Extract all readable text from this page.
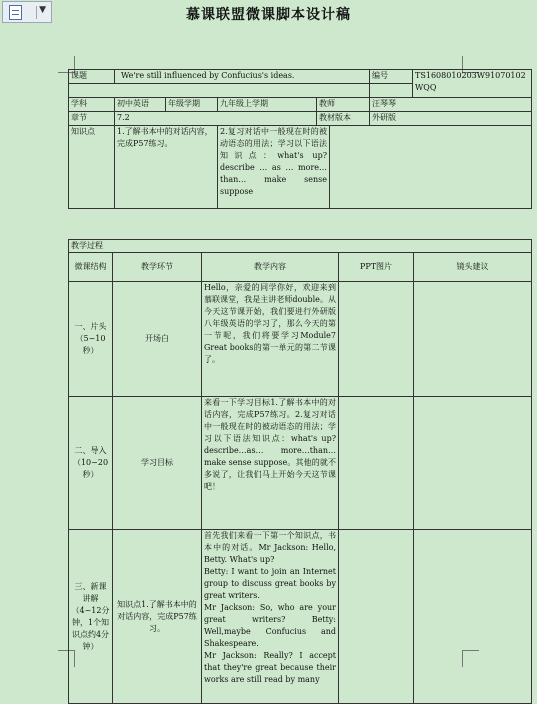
▼	慕课联盟微课脚本设计稿
课题	We're still influenced by Confucius's ideas.					编号	TS1608010203W91070102WQQ

学科	初中英语	年级学期	九年级上学期	教师		汪琴琴	
章节	7.2			教材版本		外研版	
知识点	1.了解书本中的对话内容，完成P57练习。		2.复习对话中一般现在时的被动语态的用法；学习以下语法知识点：what's up? describe … as … more…than… make sense suppose				
教学过程				
微课结构	教学环节	教学内容	PPT图片	镜头建议
一、片头（5~10秒）	开场白	Hello，亲爱的同学你好，欢迎来到慕联课堂，我是主讲老师double。从今天这节课开始，我们要进行外研版八年级英语的学习了，那么今天的第一节呢，我们将要学习Module7 Great books的第一单元的第二节课了。		
二、导入（10~20秒）	学习目标	来看一下学习目标1.了解书本中的对话内容，完成P57练习。2.复习对话中一般现在时的被动语态的用法；学习以下语法知识点：what's up? describe…as… more…than…make sense suppose。其他的就不多说了，让我们马上开始今天这节课吧！		
三、新课讲解（4~12分钟，1个知识点约4分钟）	知识点1.了解书本中的对话内容，完成P57练习。	首先我们来看一下第一个知识点，书本中的对话。Mr Jackson: Hello, Betty. What's up?
Betty: I want to join an Internet group to discuss great books by great writers.
Mr Jackson: So, who are your great writers? Betty: Well,maybe Confucius and Shakespeare.
Mr Jackson: Really? I accept that they're great because their works are still read by many		
